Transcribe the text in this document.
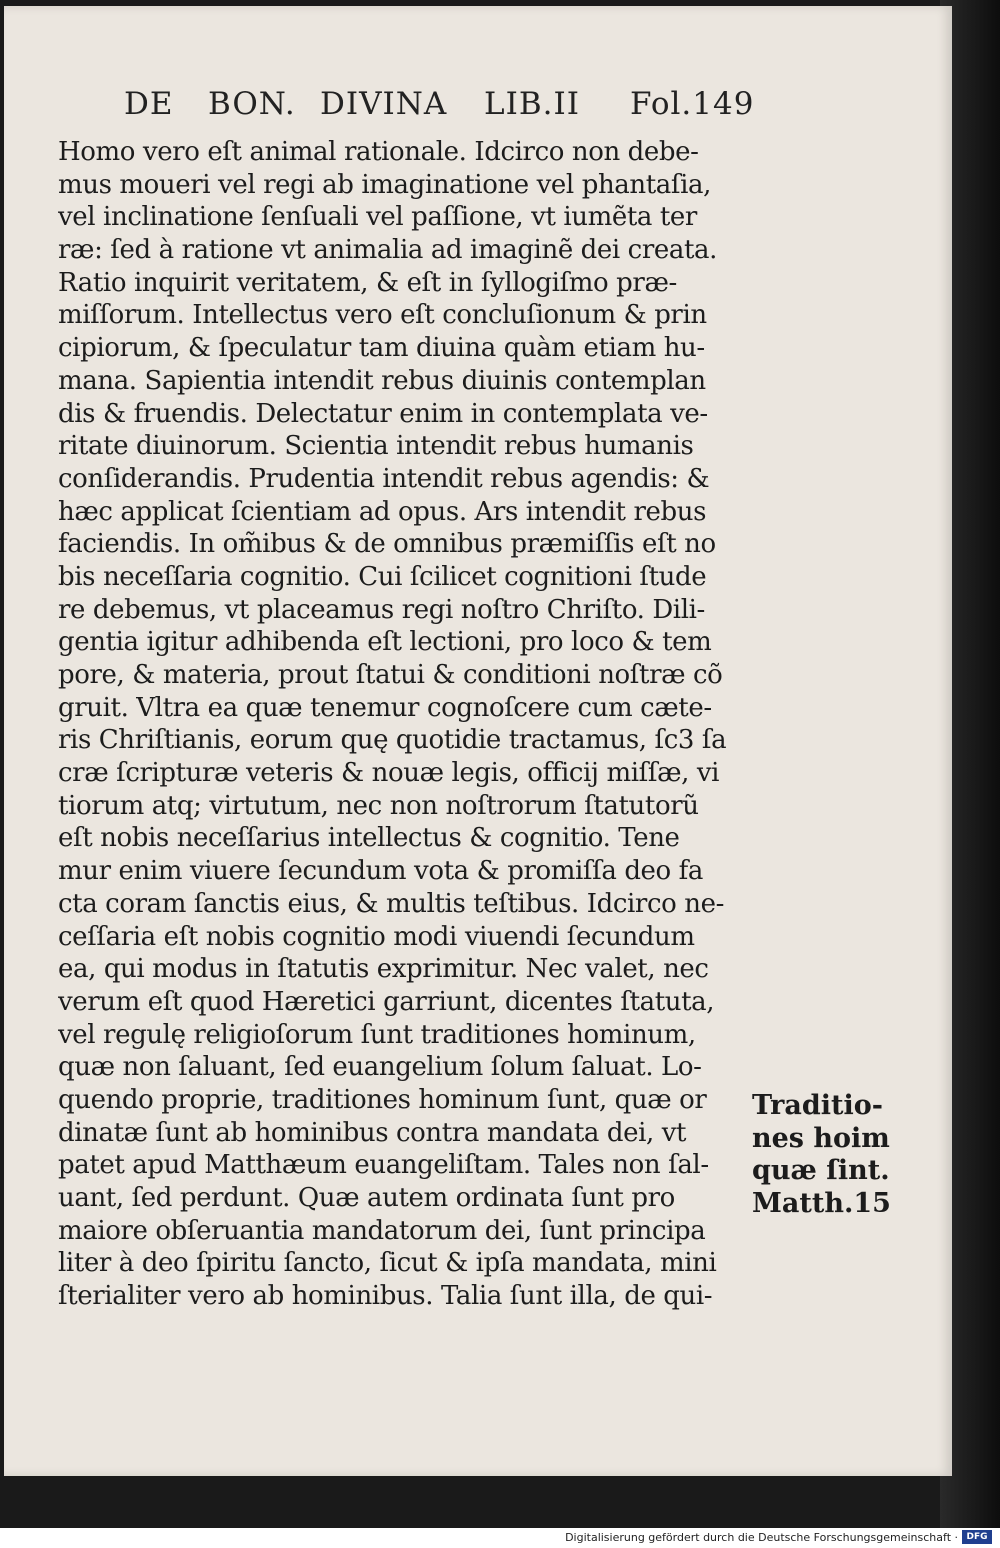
DE BON. DIVINA LIB.II Fol.149
Homo vero eſt animal rationale. Idcirco non debe-
mus moueri vel regi ab imaginatione vel phantaſia,
vel inclinatione ſenſuali vel paſſione, vt iumẽta ter
ræ: ſed à ratione vt animalia ad imaginẽ dei creata.
Ratio inquirit veritatem, & eſt in ſyllogiſmo præ-
miſſorum. Intellectus vero eſt concluſionum & prin
cipiorum, & ſpeculatur tam diuina quàm etiam hu-
mana. Sapientia intendit rebus diuinis contemplan
dis & fruendis. Delectatur enim in contemplata ve-
ritate diuinorum. Scientia intendit rebus humanis
conſiderandis. Prudentia intendit rebus agendis: &
hæc applicat ſcientiam ad opus. Ars intendit rebus
faciendis. In om̃ibus & de omnibus præmiſſis eſt no
bis neceſſaria cognitio. Cui ſcilicet cognitioni ſtude
re debemus, vt placeamus regi noſtro Chriſto. Dili-
gentia igitur adhibenda eſt lectioni, pro loco & tem
pore, & materia, prout ſtatui & conditioni noſtræ cõ
gruit. Vltra ea quæ tenemur cognoſcere cum cæte-
ris Chriſtianis, eorum quę quotidie tractamus, ſc3 ſa
cræ ſcripturæ veteris & nouæ legis, officij miſſæ, vi
tiorum atq; virtutum, nec non noſtrorum ſtatutorũ
eſt nobis neceſſarius intellectus & cognitio. Tene
mur enim viuere ſecundum vota & promiſſa deo fa
cta coram ſanctis eius, & multis teſtibus. Idcirco ne-
ceſſaria eſt nobis cognitio modi viuendi ſecundum
ea, qui modus in ſtatutis exprimitur. Nec valet, nec
verum eſt quod Hæretici garriunt, dicentes ſtatuta,
vel regulę religioſorum ſunt traditiones hominum,
quæ non ſaluant, ſed euangelium ſolum ſaluat. Lo-
quendo proprie, traditiones hominum ſunt, quæ or
dinatæ ſunt ab hominibus contra mandata dei, vt
patet apud Matthæum euangeliſtam. Tales non ſal-
uant, ſed perdunt. Quæ autem ordinata ſunt pro
maiore obſeruantia mandatorum dei, ſunt principa
liter à deo ſpiritu ſancto, ſicut & ipſa mandata, mini
ſterialiter vero ab hominibus. Talia ſunt illa, de qui-
Traditio-
nes hoim
quæ ſint.
Matth.15
Digitalisierung gefördert durch die Deutsche Forschungsgemeinschaft · DFG
